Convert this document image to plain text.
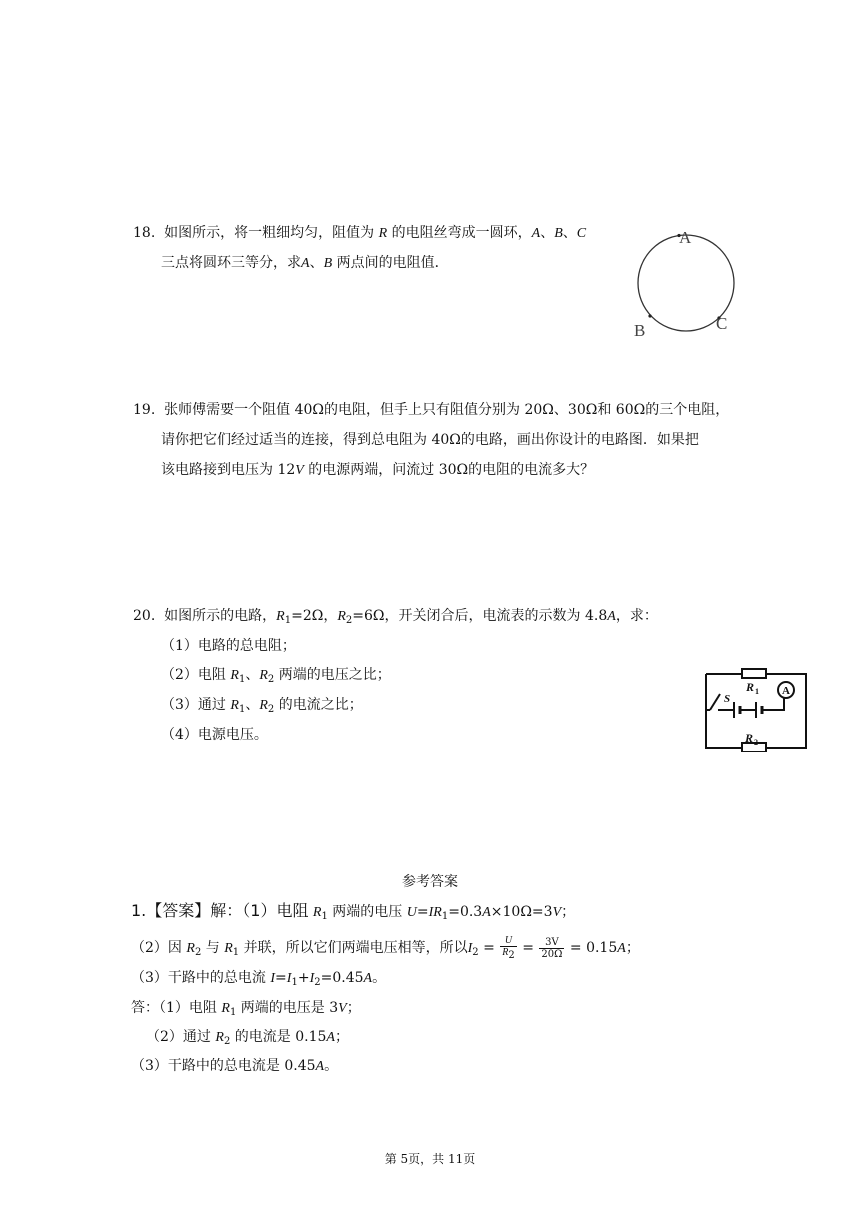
18. 如图所示，将一粗细均匀，阻值为 R 的电阻丝弯成一圆环，A、B、C
三点将圆环三等分，求A、B 两点间的电阻值．
A
B	C
19. 张师傅需要一个阻值 40Ω的电阻，但手上只有阻值分别为 20Ω、30Ω和 60Ω的三个电阻，
请你把它们经过适当的连接，得到总电阻为 40Ω的电路，画出你设计的电路图．如果把
该电路接到电压为 12V 的电源两端，问流过 30Ω的电阻的电流多大？
20. 如图所示的电路，$R_1=2\Omega$，$R_2=6\Omega$，开关闭合后，电流表的示数为 4.8A，求：
（1）电路的总电阻；
（2）电阻 $R_1$、$R_2$ 两端的电压之比；
（3）通过 $R_1$、$R_2$ 的电流之比；
（4）电源电压。
A
R 1
R 2
S
参考答案
1.【答案】解：（1）电阻 $R_1$ 两端的电压 $U=IR_1=0.3A\times 10\Omega=3V$；
（2）因 $R_2$ 与 $R_1$ 并联，所以它们两端电压相等，所以$I_2 = \frac{U}{R_2} = \frac{3V}{20\Omega} = 0.15A$；
（3）干路中的总电流 $I=I_1+I_2=0.45A$。
答：（1）电阻 $R_1$ 两端的电压是 3V；
（2）通过 $R_2$ 的电流是 0.15A；
（3）干路中的总电流是 0.45A。
第 5页，共 11页
